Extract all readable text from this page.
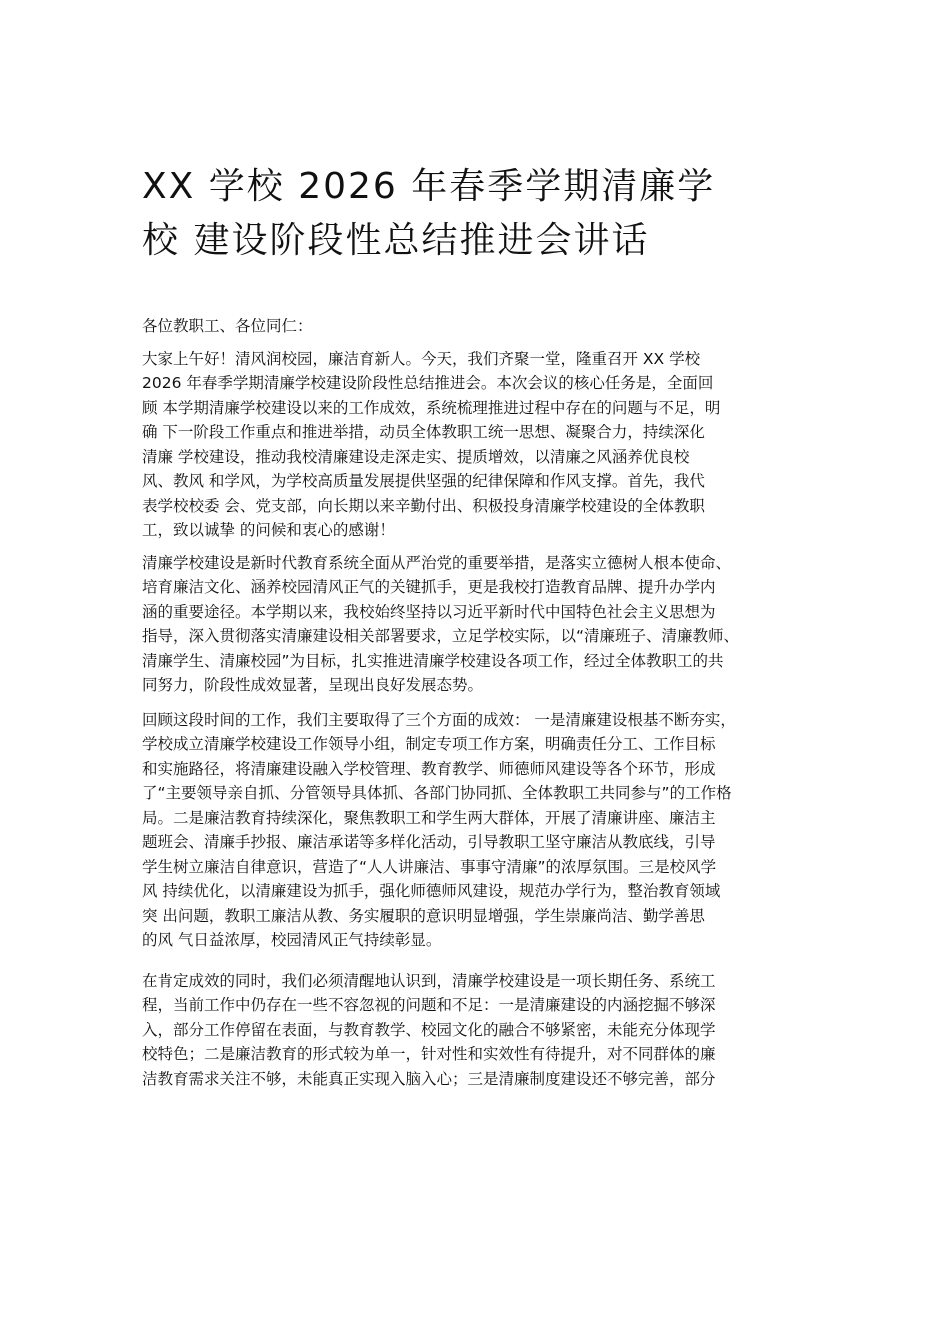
XX 学校 2026 年春季学期清廉学
校 建设阶段性总结推进会讲话

各位教职工、各位同仁：

大家上午好！清风润校园，廉洁育新人。今天，我们齐聚一堂，隆重召开 XX 学校
2026 年春季学期清廉学校建设阶段性总结推进会。本次会议的核心任务是，全面回
顾 本学期清廉学校建设以来的工作成效，系统梳理推进过程中存在的问题与不足，明
确 下一阶段工作重点和推进举措，动员全体教职工统一思想、凝聚合力，持续深化
清廉 学校建设，推动我校清廉建设走深走实、提质增效，以清廉之风涵养优良校
风、教风 和学风，为学校高质量发展提供坚强的纪律保障和作风支撑。首先，我代
表学校校委 会、党支部，向长期以来辛勤付出、积极投身清廉学校建设的全体教职
工，致以诚挚 的问候和衷心的感谢！

清廉学校建设是新时代教育系统全面从严治党的重要举措，是落实立德树人根本使命、
培育廉洁文化、涵养校园清风正气的关键抓手，更是我校打造教育品牌、提升办学内
涵的重要途径。本学期以来，我校始终坚持以习近平新时代中国特色社会主义思想为
指导，深入贯彻落实清廉建设相关部署要求，立足学校实际，以“清廉班子、清廉教师、
清廉学生、清廉校园”为目标，扎实推进清廉学校建设各项工作，经过全体教职工的共
同努力，阶段性成效显著，呈现出良好发展态势。

回顾这段时间的工作，我们主要取得了三个方面的成效： 一是清廉建设根基不断夯实，
学校成立清廉学校建设工作领导小组，制定专项工作方案，明确责任分工、工作目标
和实施路径，将清廉建设融入学校管理、教育教学、师德师风建设等各个环节，形成
了“主要领导亲自抓、分管领导具体抓、各部门协同抓、全体教职工共同参与”的工作格
局。二是廉洁教育持续深化，聚焦教职工和学生两大群体，开展了清廉讲座、廉洁主
题班会、清廉手抄报、廉洁承诺等多样化活动，引导教职工坚守廉洁从教底线，引导
学生树立廉洁自律意识，营造了“人人讲廉洁、事事守清廉”的浓厚氛围。三是校风学
风 持续优化，以清廉建设为抓手，强化师德师风建设，规范办学行为，整治教育领域
突 出问题，教职工廉洁从教、务实履职的意识明显增强，学生崇廉尚洁、勤学善思
的风 气日益浓厚，校园清风正气持续彰显。

在肯定成效的同时，我们必须清醒地认识到，清廉学校建设是一项长期任务、系统工
程，当前工作中仍存在一些不容忽视的问题和不足：一是清廉建设的内涵挖掘不够深
入，部分工作停留在表面，与教育教学、校园文化的融合不够紧密，未能充分体现学
校特色；二是廉洁教育的形式较为单一，针对性和实效性有待提升，对不同群体的廉
洁教育需求关注不够，未能真正实现入脑入心；三是清廉制度建设还不够完善，部分
